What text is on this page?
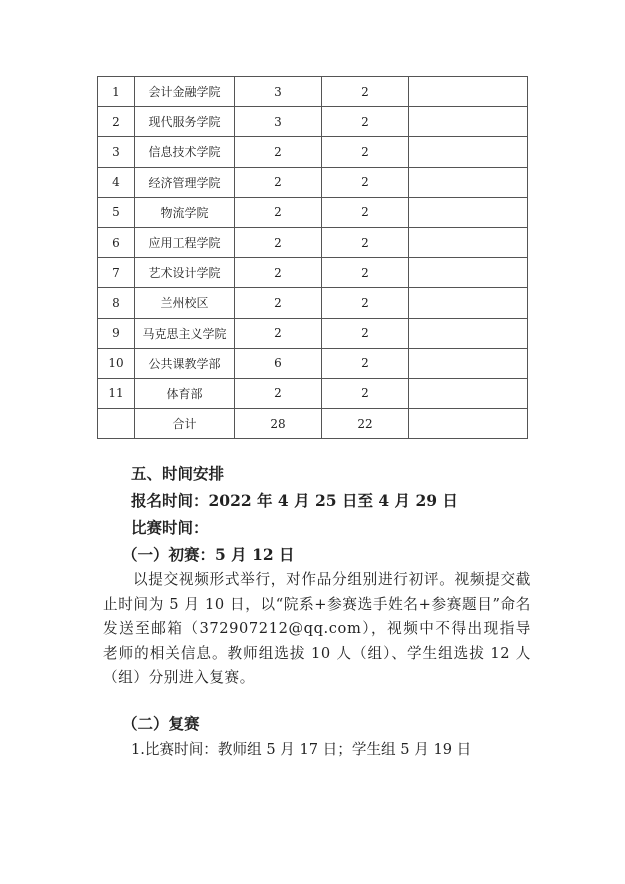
1	会计金融学院	3	2	
2	现代服务学院	3	2	
3	信息技术学院	2	2	
4	经济管理学院	2	2	
5	物流学院	2	2	
6	应用工程学院	2	2	
7	艺术设计学院	2	2	
8	兰州校区	2	2	
9	马克思主义学院	2	2	
10	公共课教学部	6	2	
11	体育部	2	2	
	合计	28	22	
五、时间安排
报名时间：2022 年 4 月 25 日至 4 月 29 日
比赛时间：
（一）初赛：5 月 12 日
以提交视频形式举行，对作品分组别进行初评。视频提交截止时间为 5 月 10 日，以“院系+参赛选手姓名+参赛题目”命名发送至邮箱（372907212@qq.com），视频中不得出现指导老师的相关信息。教师组选拔 10 人（组）、学生组选拔 12 人（组）分别进入复赛。
（二）复赛
1.比赛时间：教师组 5 月 17 日；学生组 5 月 19 日
